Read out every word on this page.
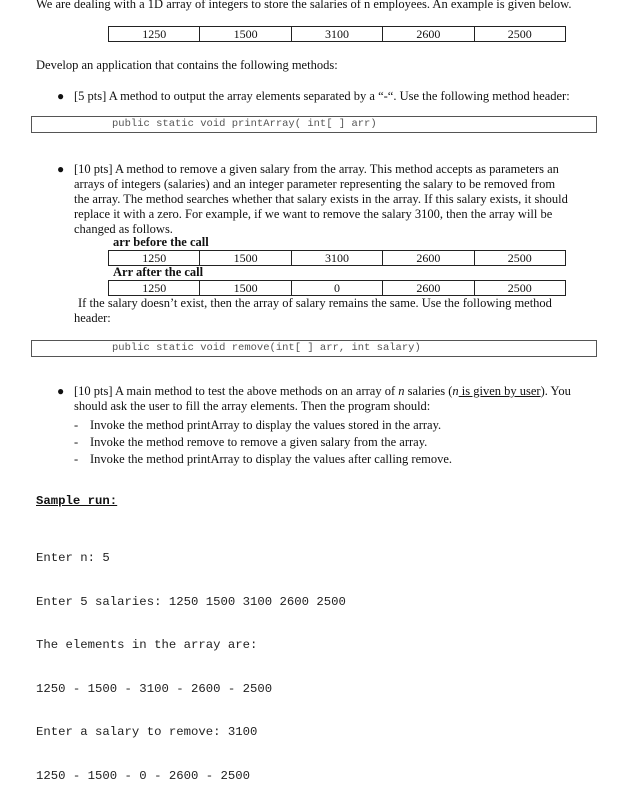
We are dealing with a 1D array of integers to store the salaries of n employees. An example is given below.
1250	1500	3100	2600	2500
Develop an application that contains the following methods:
● [5 pts] A method to output the array elements separated by a “-“. Use the following method header:
public static void printArray( int[ ] arr)
● [10 pts] A method to remove a given salary from the array. This method accepts as parameters an
arrays of integers (salaries) and an integer parameter representing the salary to be removed from
the array. The method searches whether that salary exists in the array. If this salary exists, it should
replace it with a zero. For example, if we want to remove the salary 3100, then the array will be
changed as follows.
arr before the call
1250	1500	3100	2600	2500
Arr after the call
1250	1500	0	2600	2500
If the salary doesn’t exist, then the array of salary remains the same. Use the following method
header:
public static void remove(int[ ] arr, int salary)
● [10 pts] A main method to test the above methods on an array of n salaries (n is given by user). You
should ask the user to fill the array elements. Then the program should:
- Invoke the method printArray to display the values stored in the array.
- Invoke the method remove to remove a given salary from the array.
- Invoke the method printArray to display the values after calling remove.
Sample run:

Enter n: 5

Enter 5 salaries: 1250 1500 3100 2600 2500

The elements in the array are:

1250 - 1500 - 3100 - 2600 - 2500

Enter a salary to remove: 3100

1250 - 1500 - 0 - 2600 - 2500
